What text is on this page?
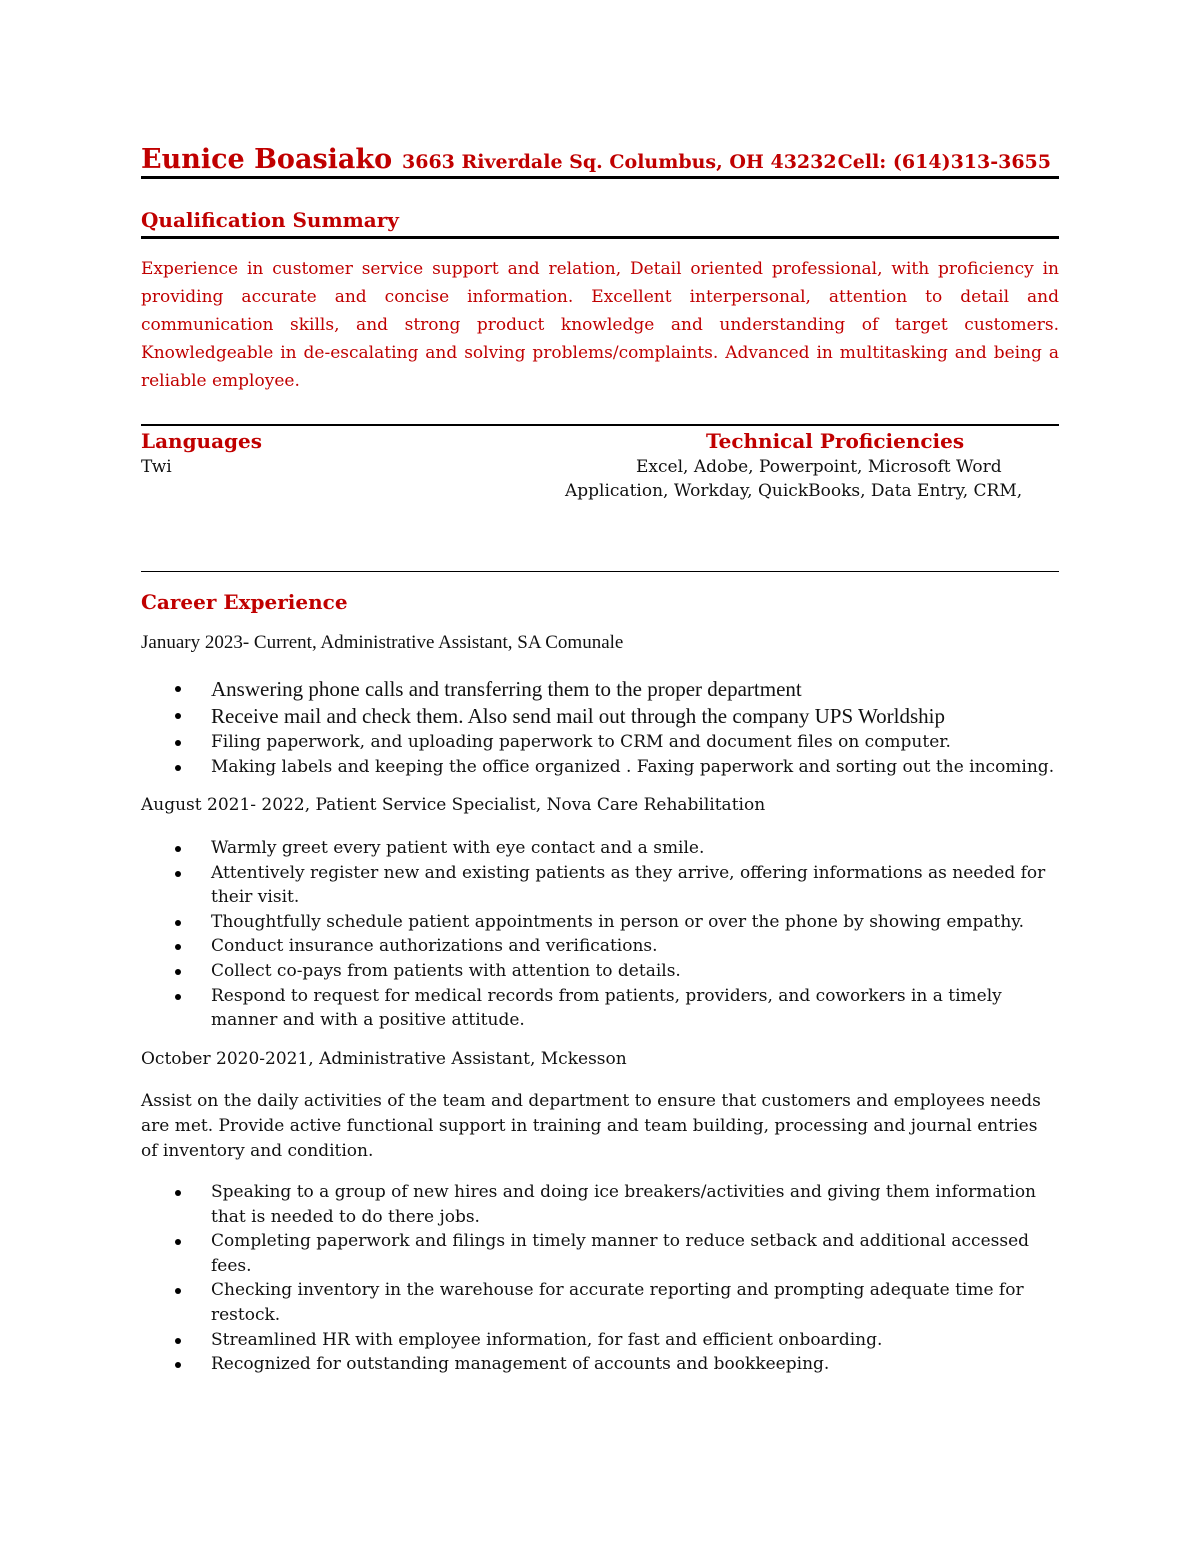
Eunice Boasiako 3663 Riverdale Sq. Columbus, OH 43232 Cell: (614)313-3655
Qualification Summary

Experience in customer service support and relation, Detail oriented professional, with proficiency in providing accurate and concise information. Excellent interpersonal, attention to detail and communication skills, and strong product knowledge and understanding of target customers. Knowledgeable in de-escalating and solving problems/complaints. Advanced in multitasking and being a reliable employee.

Languages	Technical Proficiencies
Twi	Excel, Adobe, Powerpoint, Microsoft Word
Application, Workday, QuickBooks, Data Entry, CRM,
Career Experience
January 2023- Current, Administrative Assistant, SA Comunale
Answering phone calls and transferring them to the proper department
Receive mail and check them. Also send mail out through the company UPS Worldship
Filing paperwork, and uploading paperwork to CRM and document files on computer.
Making labels and keeping the office organized . Faxing paperwork and sorting out the incoming.
August 2021- 2022, Patient Service Specialist, Nova Care Rehabilitation
Warmly greet every patient with eye contact and a smile.
Attentively register new and existing patients as they arrive, offering informations as needed for their visit.
Thoughtfully schedule patient appointments in person or over the phone by showing empathy.
Conduct insurance authorizations and verifications.
Collect co-pays from patients with attention to details.
Respond to request for medical records from patients, providers, and coworkers in a timely manner and with a positive attitude.
October 2020-2021, Administrative Assistant, Mckesson

Assist on the daily activities of the team and department to ensure that customers and employees needs are met. Provide active functional support in training and team building, processing and journal entries of inventory and condition.

Speaking to a group of new hires and doing ice breakers/activities and giving them information that is needed to do there jobs.
Completing paperwork and filings in timely manner to reduce setback and additional accessed fees.
Checking inventory in the warehouse for accurate reporting and prompting adequate time for restock.
Streamlined HR with employee information, for fast and efficient onboarding.
Recognized for outstanding management of accounts and bookkeeping.
